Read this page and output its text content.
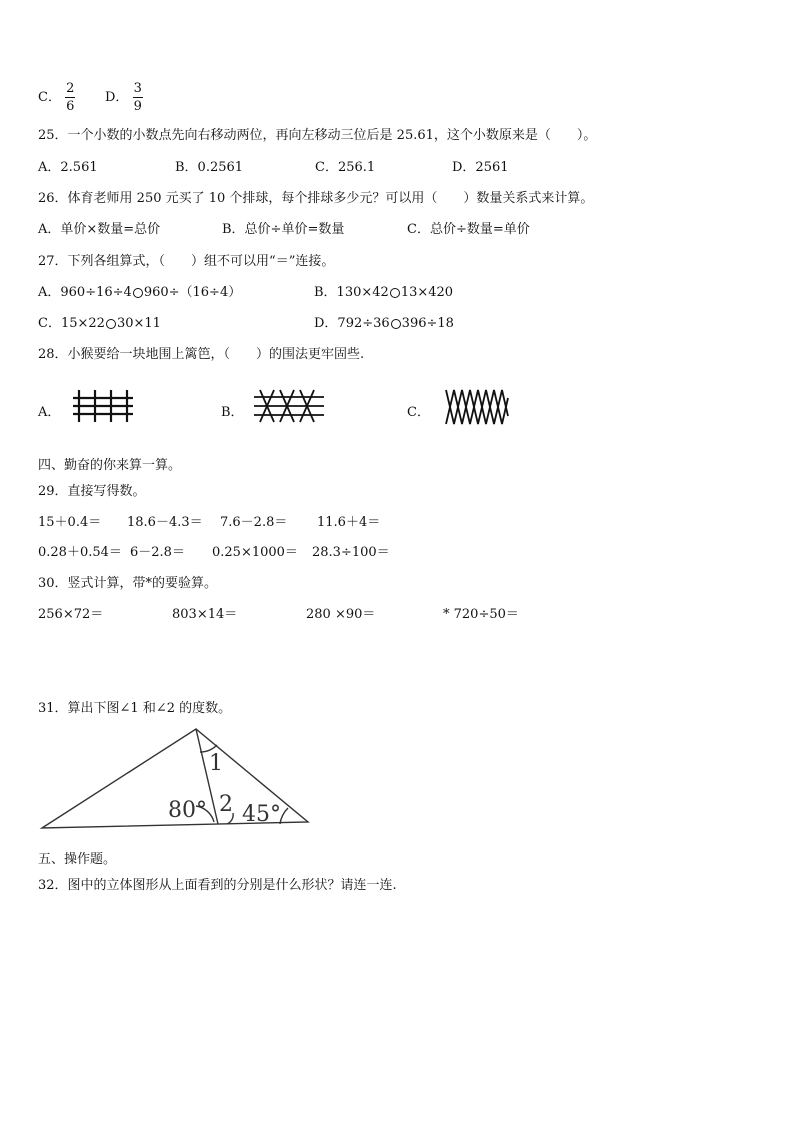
C． $\frac{2}{6}$ D． $\frac{3}{9}$
25．一个小数的小数点先向右移动两位，再向左移动三位后是 25.61，这个小数原来是（　　）。
A．2.561	B．0.2561	C．256.1	D．2561
26．体育老师用 250 元买了 10 个排球，每个排球多少元？可以用（　　）数量关系式来计算。
A．单价×数量=总价	B．总价÷单价=数量	C．总价÷数量=单价
27．下列各组算式，（　　）组不可以用“＝”连接。
A．960÷16÷4 960÷（16÷4）	B．130×42 13×420
C．15×22 30×11	D．792÷36 396÷18
28．小猴要给一块地围上篱笆，（　　）的围法更牢固些.
A．	B．	C．
四、勤奋的你来算一算。
29．直接写得数。
15＋0.4＝ 18.6－4.3＝ 7.6－2.8＝ 11.6＋4＝
0.28＋0.54＝ 6－2.8＝ 0.25×1000＝ 28.3÷100＝
30．竖式计算，带*的要验算。
256×72＝	803×14＝	280 ×90＝	* 720÷50＝
31．算出下图∠1 和∠2 的度数。
80°
1
2 45°
五、操作题。
32．图中的立体图形从上面看到的分别是什么形状？请连一连.
